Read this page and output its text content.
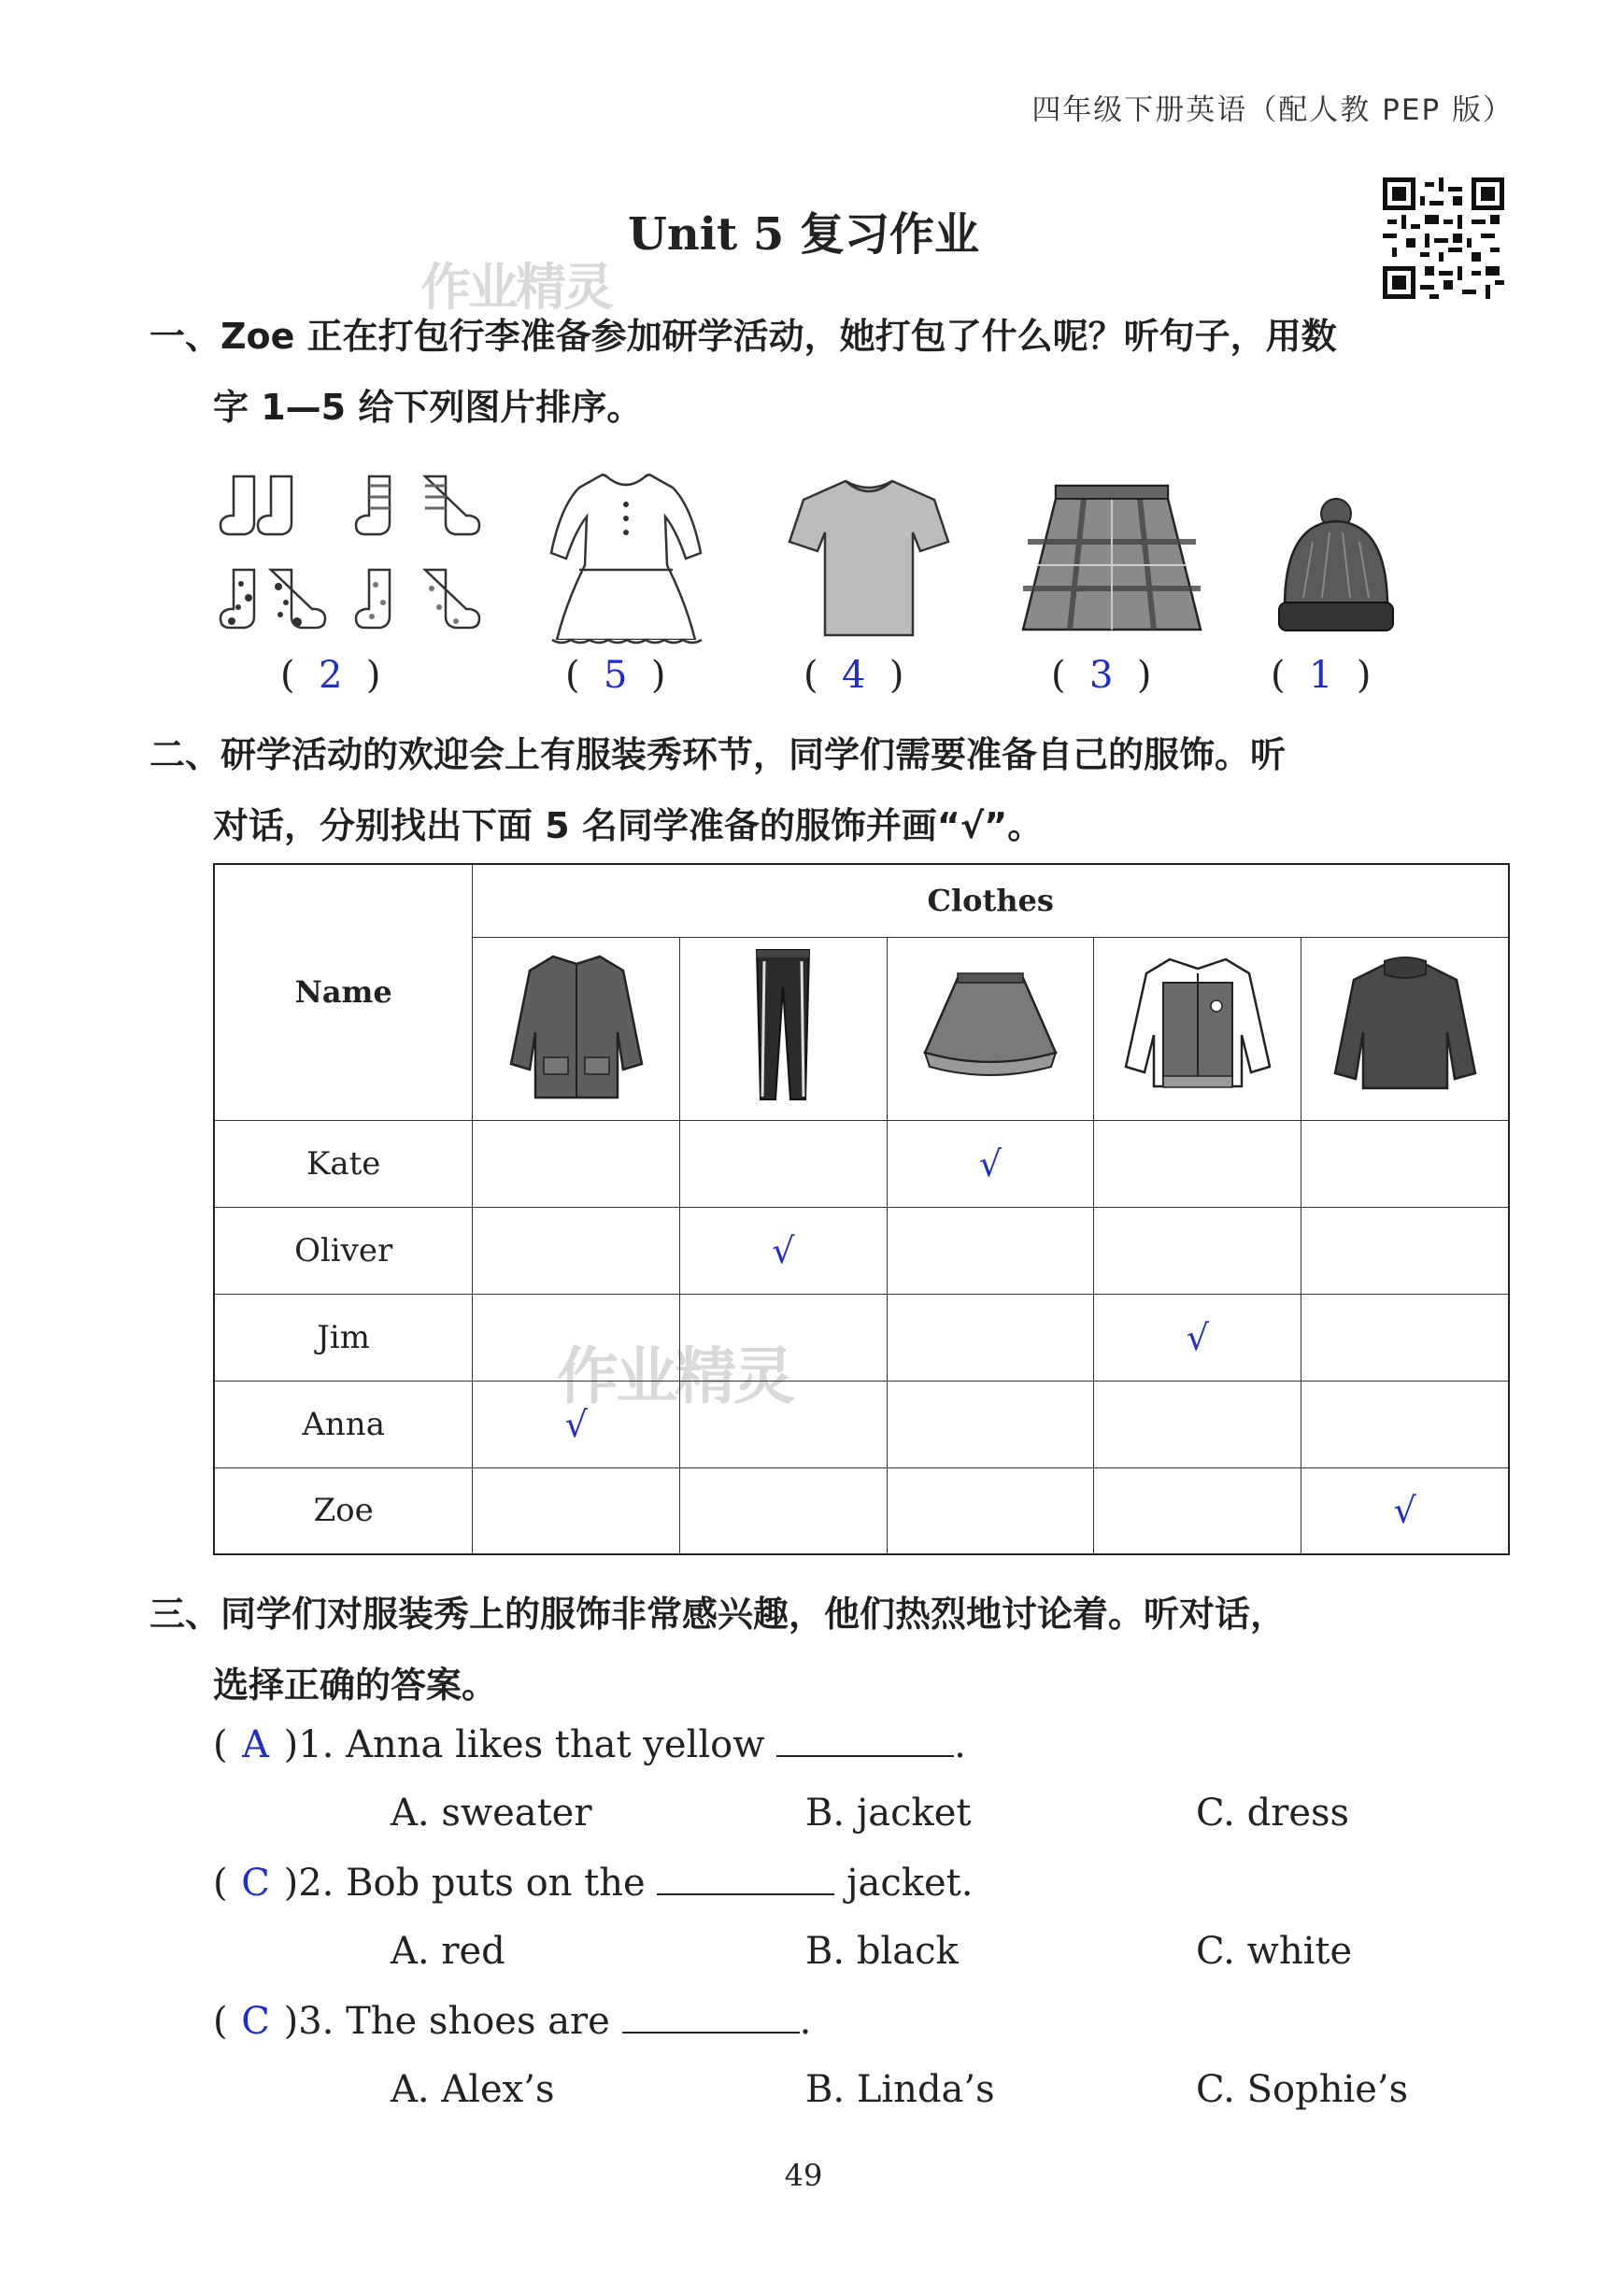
四年级下册英语（配人教 PEP 版）
Unit 5 复习作业
作业精灵
作业精灵
一、Zoe 正在打包行李准备参加研学活动，她打包了什么呢？听句子，用数
字 1—5 给下列图片排序。
(  2  )	(  5  )	(  4  )	(  3  )	(  1  )
二、研学活动的欢迎会上有服装秀环节，同学们需要准备自己的服饰。听
对话，分别找出下面 5 名同学准备的服饰并画“√”。
Name	Clothes				

Kate			√		
Oliver		√			
Jim				√	
Anna	√				
Zoe					√
三、同学们对服装秀上的服饰非常感兴趣，他们热烈地讨论着。听对话，
选择正确的答案。
( A )1. Anna likes that yellow	.
A. sweater	B. jacket	C. dress
( C )2. Bob puts on the	jacket.
A. red	B. black	C. white
( C )3. The shoes are	.
A. Alex’s	B. Linda’s	C. Sophie’s
49
